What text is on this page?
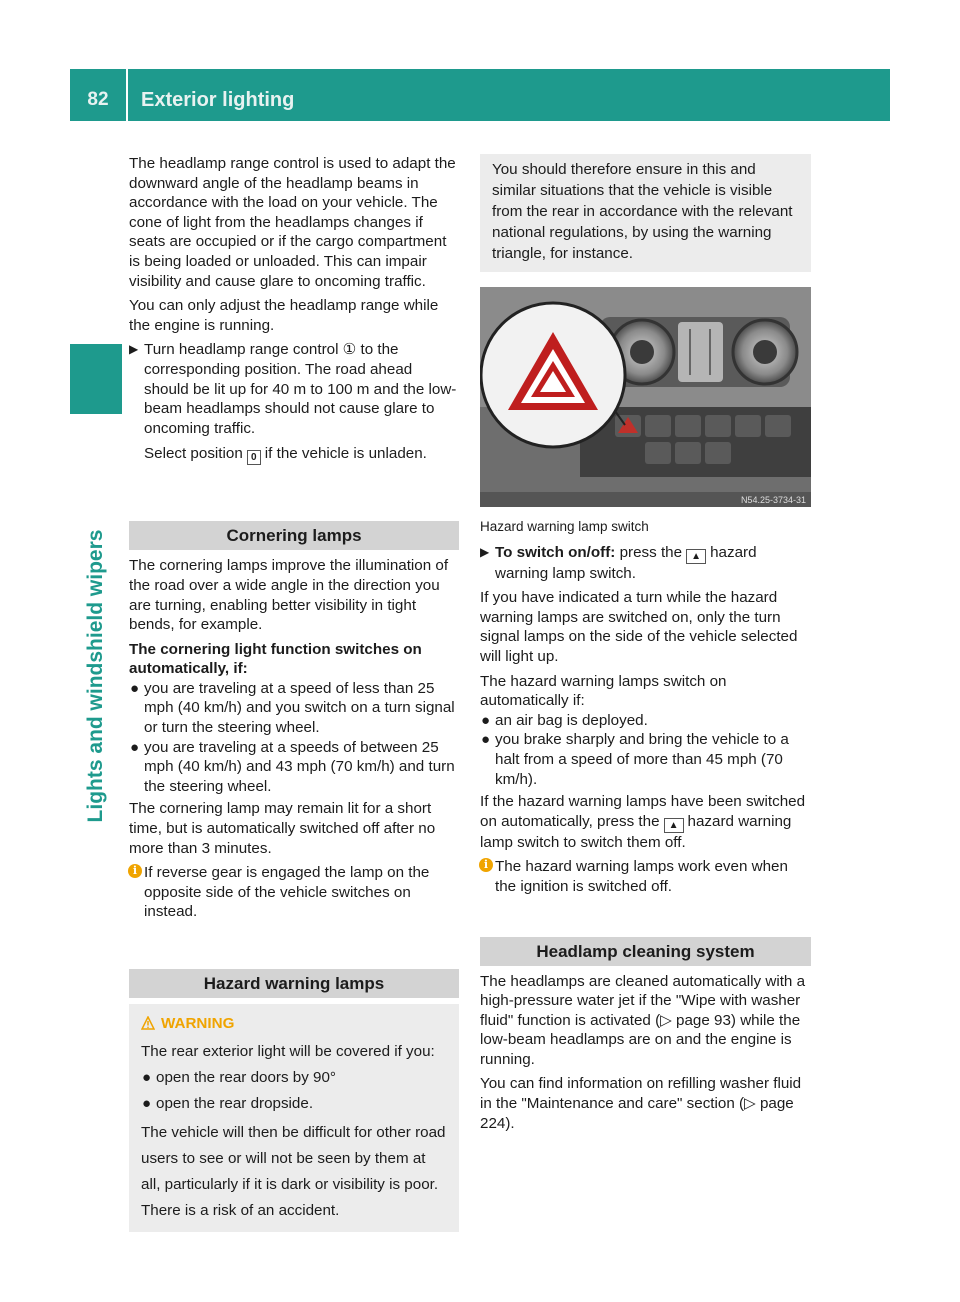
82	Exterior lighting
Lights and windshield wipers

The headlamp range control is used to adapt the downward angle of the headlamp beams in accordance with the load on your vehicle. The cone of light from the headlamps changes if seats are occupied or if the cargo compartment is being loaded or unloaded. This can impair visibility and cause glare to oncoming traffic.

You can only adjust the headlamp range while the engine is running.

▶ Turn headlamp range control ① to the corresponding position. The road ahead should be lit up for 40 m to 100 m and the low-beam headlamps should not cause glare to oncoming traffic.

Select position 0 if the vehicle is unladen.

Cornering lamps

The cornering lamps improve the illumination of the road over a wide angle in the direction you are turning, enabling better visibility in tight bends, for example.

The cornering light function switches on automatically, if:

● you are traveling at a speed of less than 25 mph (40 km/h) and you switch on a turn signal or turn the steering wheel.
● you are traveling at a speeds of between 25 mph (40 km/h) and 43 mph (70 km/h) and turn the steering wheel.

The cornering lamp may remain lit for a short time, but is automatically switched off after no more than 3 minutes.

i If reverse gear is engaged the lamp on the opposite side of the vehicle switches on instead.

Hazard warning lamps
WARNING

The rear exterior light will be covered if you:

● open the rear doors by 90°
● open the rear dropside.

The vehicle will then be difficult for other road users to see or will not be seen by them at all, particularly if it is dark or visibility is poor.

There is a risk of an accident.

You should therefore ensure in this and similar situations that the vehicle is visible from the rear in accordance with the relevant national regulations, by using the warning triangle, for instance.
N54.25-3734-31

Hazard warning lamp switch

▶ To switch on/off: press the ▲ hazard warning lamp switch.

If you have indicated a turn while the hazard warning lamps are switched on, only the turn signal lamps on the side of the vehicle selected will light up.

The hazard warning lamps switch on automatically if:

● an air bag is deployed.
● you brake sharply and bring the vehicle to a halt from a speed of more than 45 mph (70 km/h).

If the hazard warning lamps have been switched on automatically, press the ▲ hazard warning lamp switch to switch them off.

i The hazard warning lamps work even when the ignition is switched off.

Headlamp cleaning system

The headlamps are cleaned automatically with a high-pressure water jet if the "Wipe with washer fluid" function is activated (▷ page 93) while the low-beam headlamps are on and the engine is running.

You can find information on refilling washer fluid in the "Maintenance and care" section (▷ page 224).
